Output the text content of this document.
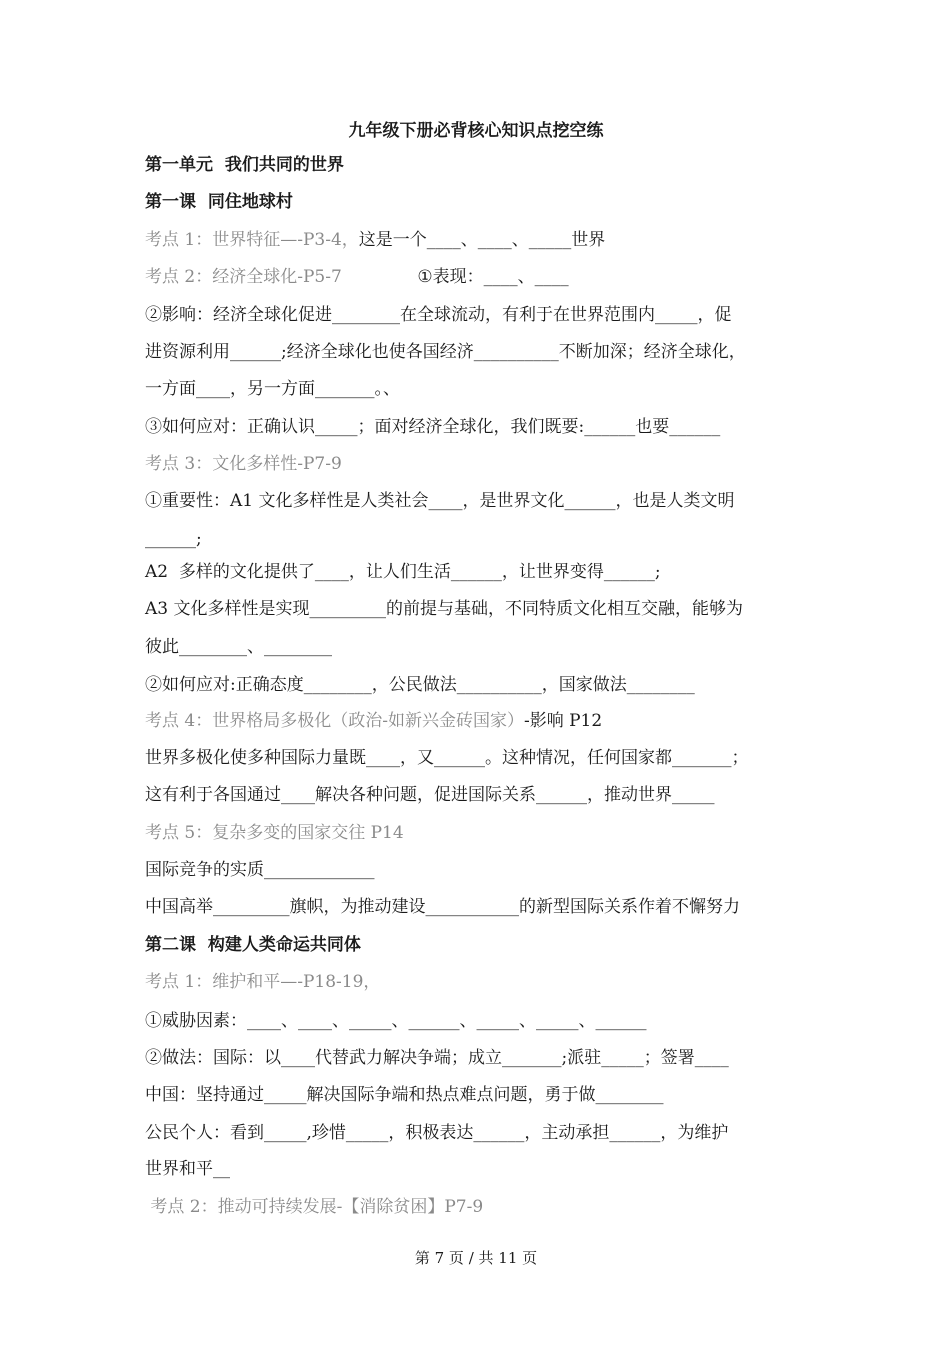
九年级下册必背核心知识点挖空练
第一单元  我们共同的世界
第一课  同住地球村
考点 1：世界特征—-P3-4，这是一个____、____、_____世界
考点 2：经济全球化-P5-7              ①表现：____、____
②影响：经济全球化促进________在全球流动，有利于在世界范围内_____，促
进资源利用______;经济全球化也使各国经济__________不断加深；经济全球化，
一方面____，另一方面_______。、
③如何应对：正确认识_____；面对经济全球化，我们既要:______也要______
考点 3：文化多样性-P7-9
①重要性：A1 文化多样性是人类社会____，是世界文化______，也是人类文明
______;
A2  多样的文化提供了____，让人们生活______，让世界变得______;
A3 文化多样性是实现_________的前提与基础，不同特质文化相互交融，能够为
彼此________、________
②如何应对:正确态度________，公民做法__________，国家做法________
考点 4：世界格局多极化（政治-如新兴金砖国家）-影响 P12
世界多极化使多种国际力量既____，又______。这种情况，任何国家都_______；
这有利于各国通过____解决各种问题，促进国际关系______，推动世界_____
考点 5：复杂多变的国家交往 P14
国际竞争的实质_____________
中国高举_________旗帜，为推动建设___________的新型国际关系作着不懈努力
第二课  构建人类命运共同体
考点 1：维护和平—-P18-19，
①威胁因素：____、____、_____、______、_____、_____、______
②做法：国际：以____代替武力解决争端；成立_______;派驻_____；签署____
中国：坚持通过_____解决国际争端和热点难点问题，勇于做________
公民个人：看到_____,珍惜_____，积极表达______，主动承担______，为维护
世界和平__
考点 2：推动可持续发展-【消除贫困】P7-9
第 7 页 / 共 11 页
